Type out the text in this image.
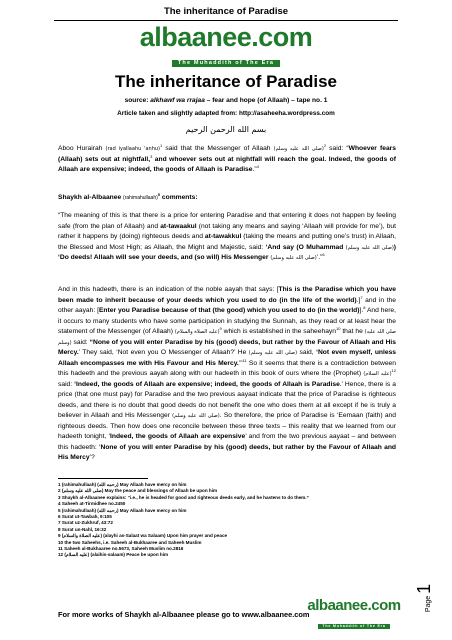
The inheritance of Paradise
albaanee.com
The Muhaddith of The Era
The inheritance of Paradise
source: alkhawf wa rrajaa – fear and hope (of Allaah) – tape no. 1
Article taken and slightly adapted from: http://asaheeha.wordpress.com
بسم الله الرحمن الرحيم
Aboo Hurairah (rad iyallaahu 'anhu)$^1$ said that the Messenger of Allaah (صلى الله عليه وسلم)$^2$ said: “Whoever fears (Allaah) sets out at nightfall,$^3$ and whoever sets out at nightfall will reach the goal. Indeed, the goods of Allaah are expensive; indeed, the goods of Allaah is Paradise.”$^4$
Shaykh al-Albaanee (rahimahullaah)$^5$ comments:
“The meaning of this is that there is a price for entering Paradise and that entering it does not happen by feeling safe (from the plan of Allaah) and at-tawaakul (not taking any means and saying ‘Allaah will provide for me’), but rather it happens by (doing) righteous deeds and at-tawakkul (taking the means and putting one’s trust) in Allaah, the Blessed and Most High; as Allaah, the Might and Majestic, said: ‘And say (O Muhammad (صلى الله عليه وسلم)) ‘Do deeds! Allaah will see your deeds, and (so will) His Messenger (صلى الله عليه وسلم)’.”$^6$
And in this hadeeth, there is an indication of the noble aayah that says: [This is the Paradise which you have been made to inherit because of your deeds which you used to do (in the life of the world).]$^7$ and in the other aayah: [Enter you Paradise because of that (the good) which you used to do (in the world)].$^8$ And here, it occurs to many students who have some participation in studying the Sunnah, as they read or at least hear the statement of the Messenger (of Allaah) (عليه الصلاة والسلام)$^9$ which is established in the saheehayn$^{10}$ that he (صلى الله عليه وسلم) said: “None of you will enter Paradise by his (good) deeds, but rather by the Favour of Allaah and His Mercy.’ They said, ‘Not even you O Messenger of Allaah?’ He (صلى الله عليه وسلم) said, ‘Not even myself, unless Allaah encompasses me with His Favour and His Mercy.’”$^{11}$ So it seems that there is a contradiction between this hadeeth and the previous aayah along with our hadeeth in this book of ours where the (Prophet) (عليه السلام)$^{12}$ said: ‘Indeed, the goods of Allaah are expensive; indeed, the goods of Allaah is Paradise.’ Hence, there is a price (that one must pay) for Paradise and the two previous aayaat indicate that the price of Paradise is righteous deeds, and there is no doubt that good deeds do not benefit the one who does them at all except if he is truly a believer in Allaah and His Messenger (صلى الله عليه وسلم). So therefore, the price of Paradise is ‘Eemaan (faith) and righteous deeds. Then how does one reconcile between these three texts – this reality that we learned from our hadeeth tonight, ‘Indeed, the goods of Allaah are expensive’ and from the two previous aayaat – and between this hadeeth: ‘None of you will enter Paradise by his (good) deeds, but rather by the Favour of Allaah and His Mercy’?
1 (rahimahullaah) (رحمه الله) May Allaah have mercy on him
2 (صلى الله عليه وسلم) May the peace and blessings of Allaah be upon him
3 Shaykh al-Albaanee explains: “i.e., he is headed for good and righteous deeds early, and he hastens to do them.”
4 Saheeh at-Tirmidhee no.2450
5 (rahimahullaah) (رحمه الله) May Allaah have mercy on him
6 Surat ut-Tawbah, 9:105
7 Surat uz-Zukhruf, 43:72
8 Surat un-Nahl, 16:32
9 (عليه الصلاة والسلام) (alayhi as-Salaat wa Salaam) Upon him prayer and peace
10 the two Saheehs, i.e. Saheeh al-Bukhaaree and Saheeh Muslim
11 Saheeh al-Bukhaaree no.5673, Saheeh Muslim no.2816
12 (عليه السلام) (alaihis-salaam) Peace be upon him
For more works of Shaykh al-Albaanee please go to www.albaanee.com
albaanee.com
The Muhaddith of The Era
Page 1
